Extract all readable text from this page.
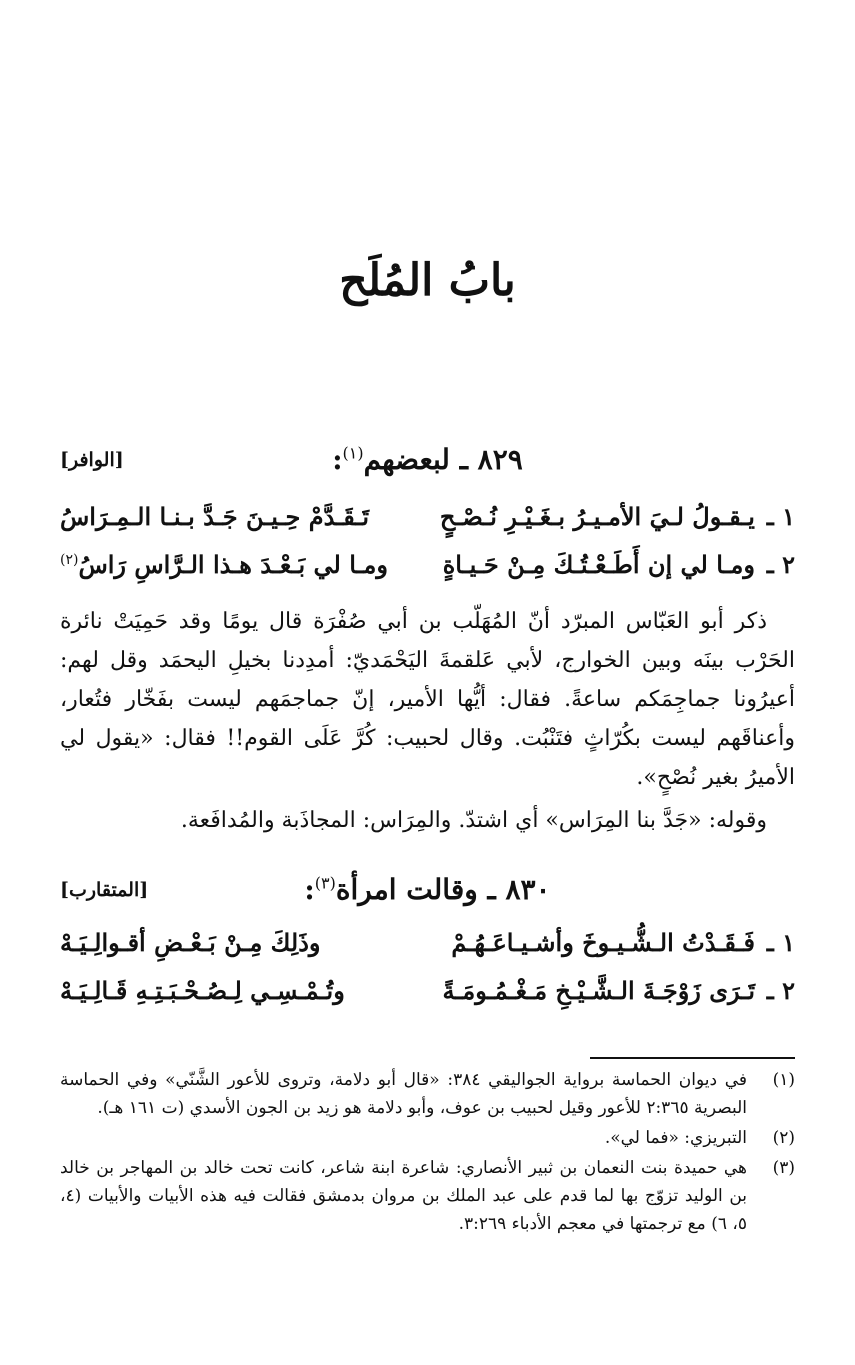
بابُ المُلَح
[الوافر]	٨٢٩ ـ لبعضهم$^{(١)}$:
١ ـ
يـقـولُ لـيَ الأمـيـرُ بـغَـيْـرِ نُـصْـحٍ
تَـقَـدَّمْ حِـيـنَ جَـدَّ بـنـا الـمِـرَاسُ
٢ ـ
ومـا لي إن أَطَـعْـتُـكَ مِـنْ حَـيـاةٍ
ومـا لي بَـعْـدَ هـذا الـرَّاسِ رَاسُ$^{(٢)}$

ذكر أبو العَبّاس المبرّد أنّ المُهَلّب بن أبي صُفْرَة قال يومًا وقد حَمِيَتْ نائرة الحَرْب بينَه وبين الخوارج، لأبي عَلقمةَ اليَحْمَديّ: أمدِدنا بخيلِ اليحمَد وقل لهم: أعيرُونا جماجِمَكم ساعةً. فقال: أيُّها الأمير، إنّ جماجمَهم ليست بفَخّار فتُعار، وأعناقَهم ليست بكُرّاثٍ فتَنْبُت. وقال لحبيب: كُرَّ عَلَى القوم!! فقال: «يقول لي الأميرُ بغير نُصْحٍ».

وقوله: «جَدَّ بنا المِرَاس» أي اشتدّ. والمِرَاس: المجاذَبة والمُدافَعة.

[المتقارب]	٨٣٠ ـ وقالت امرأة$^{(٣)}$:
١ ـ
فَـقَـدْتُ الـشُّـيـوخَ وأشـيـاعَـهُـمْ
وذَلِكَ مِـنْ بَـعْـضِ أقـوالِـيَـهْ
٢ ـ
تَـرَى زَوْجَـةَ الـشَّـيْـخِ مَـغْـمُـومَـةً
وتُـمْـسِـي لِـصُـحْـبَـتِـهِ قَـالِـيَـهْ
(١)
في ديوان الحماسة برواية الجواليقي ٣٨٤: «قال أبو دلامة، وتروى للأعور الشَّنّي» وفي الحماسة البصرية ٢:٣٦٥ للأعور وقيل لحبيب بن عوف، وأبو دلامة هو زيد بن الجون الأسدي (ت ١٦١ هـ).
(٢)
التبريزي: «فما لي».
(٣)
هي حميدة بنت النعمان بن ثبير الأنصاري: شاعرة ابنة شاعر، كانت تحت خالد بن المهاجر بن خالد بن الوليد تزوّج بها لما قدم على عبد الملك بن مروان بدمشق فقالت فيه هذه الأبيات والأبيات (٤، ٥، ٦) مع ترجمتها في معجم الأدباء ٣:٢٦٩.
